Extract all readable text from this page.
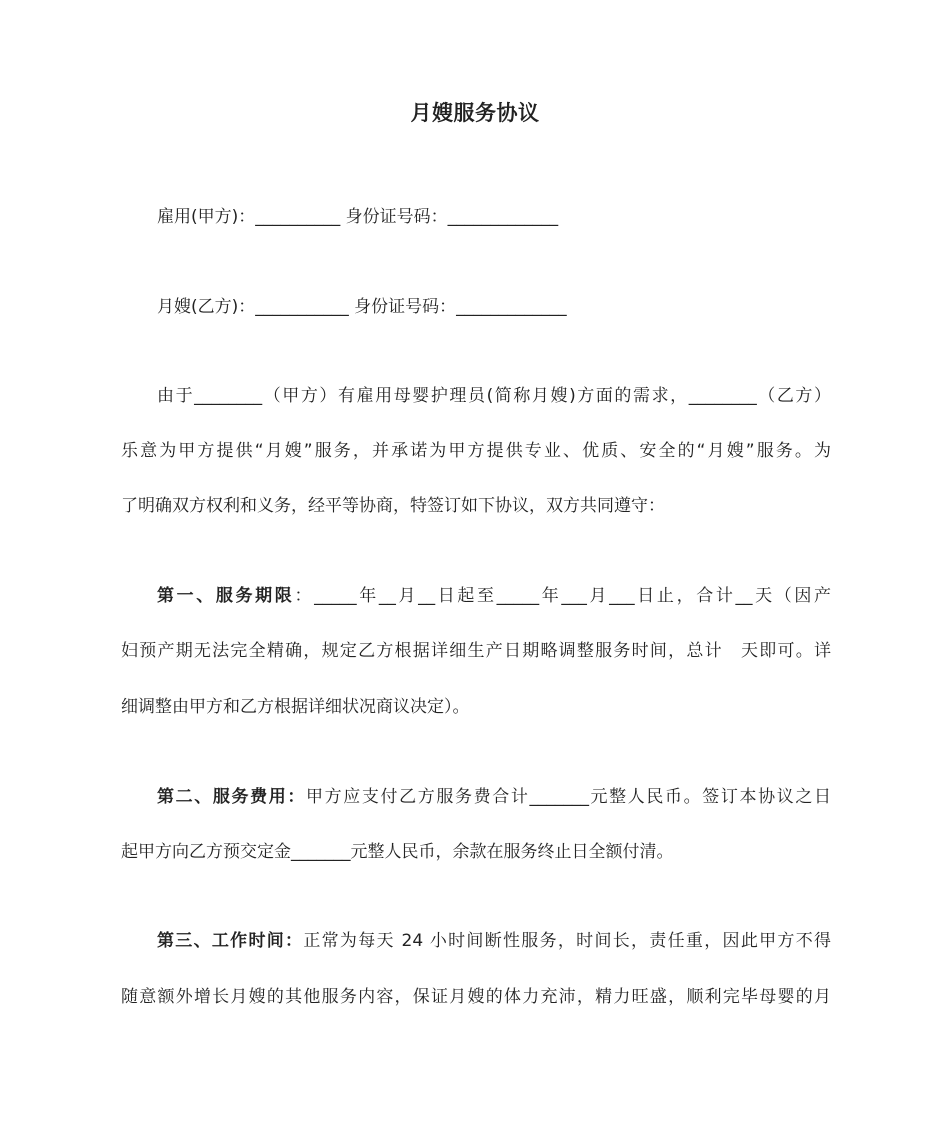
月嫂服务协议
雇用(甲方)：__________ 身份证号码：_____________
月嫂(乙方)：___________ 身份证号码：_____________
由于________（甲方）有雇用母婴护理员(简称月嫂)方面的需求，________（乙方）
乐意为甲方提供“月嫂”服务，并承诺为甲方提供专业、优质、安全的“月嫂”服务。为
了明确双方权利和义务，经平等协商，特签订如下协议，双方共同遵守：
第一、服务期限：_____年__月__日起至_____年___月___日止，合计__天（因产
妇预产期无法完全精确，规定乙方根据详细生产日期略调整服务时间，总计　天即可。详
细调整由甲方和乙方根据详细状况商议决定）。
第二、服务费用：甲方应支付乙方服务费合计_______元整人民币。签订本协议之日
起甲方向乙方预交定金_______元整人民币，余款在服务终止日全额付清。
第三、工作时间：正常为每天 24 小时间断性服务，时间长，责任重，因此甲方不得
随意额外增长月嫂的其他服务内容，保证月嫂的体力充沛，精力旺盛，顺利完毕母婴的月
